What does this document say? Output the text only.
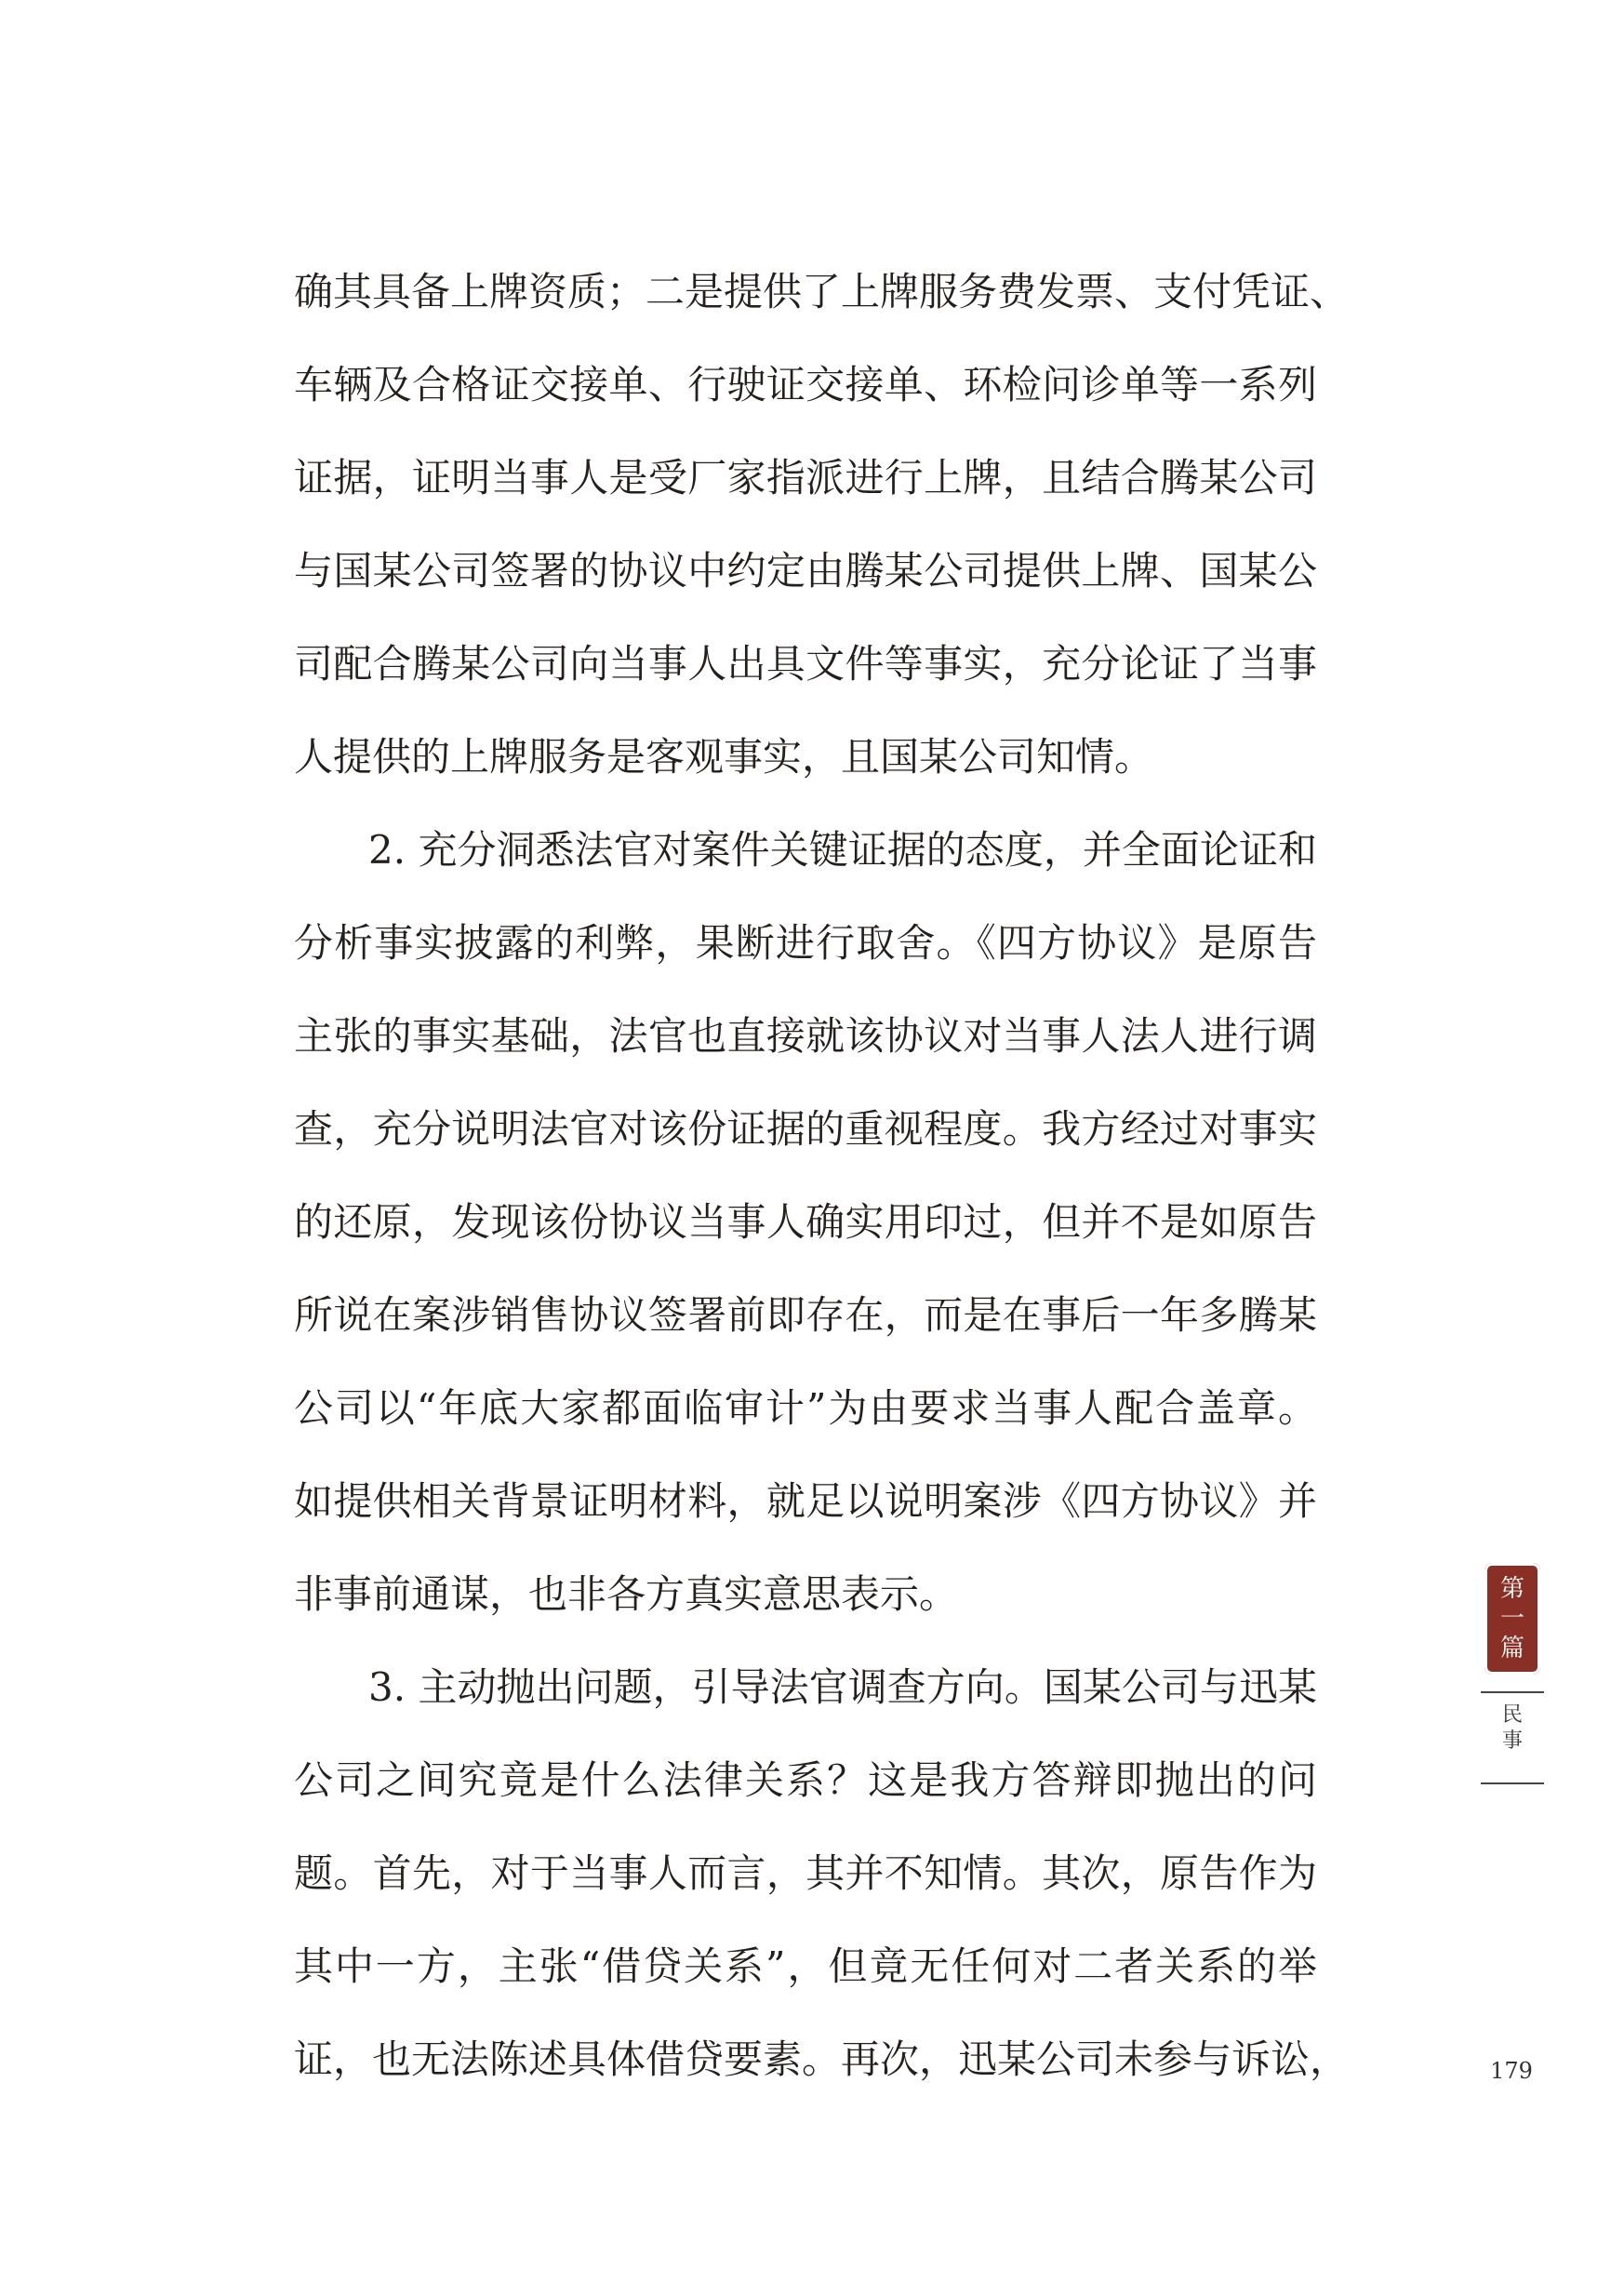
确其具备上牌资质；二是提供了上牌服务费发票、支付凭证、
车辆及合格证交接单、行驶证交接单、环检问诊单等一系列
证据，证明当事人是受厂家指派进行上牌，且结合腾某公司
与国某公司签署的协议中约定由腾某公司提供上牌、国某公
司配合腾某公司向当事人出具文件等事实，充分论证了当事
人提供的上牌服务是客观事实，且国某公司知情。
2. 充分洞悉法官对案件关键证据的态度，并全面论证和
分析事实披露的利弊，果断进行取舍。《四方协议》是原告
主张的事实基础，法官也直接就该协议对当事人法人进行调
查，充分说明法官对该份证据的重视程度。我方经过对事实
的还原，发现该份协议当事人确实用印过，但并不是如原告
所说在案涉销售协议签署前即存在，而是在事后一年多腾某
公司以“年底大家都面临审计”为由要求当事人配合盖章。
如提供相关背景证明材料，就足以说明案涉《四方协议》并
非事前通谋，也非各方真实意思表示。
3. 主动抛出问题，引导法官调查方向。国某公司与迅某
公司之间究竟是什么法律关系？这是我方答辩即抛出的问
题。首先，对于当事人而言，其并不知情。其次，原告作为
其中一方，主张“借贷关系”，但竟无任何对二者关系的举
证，也无法陈述具体借贷要素。再次，迅某公司未参与诉讼，
第
一
篇
民
事
179
